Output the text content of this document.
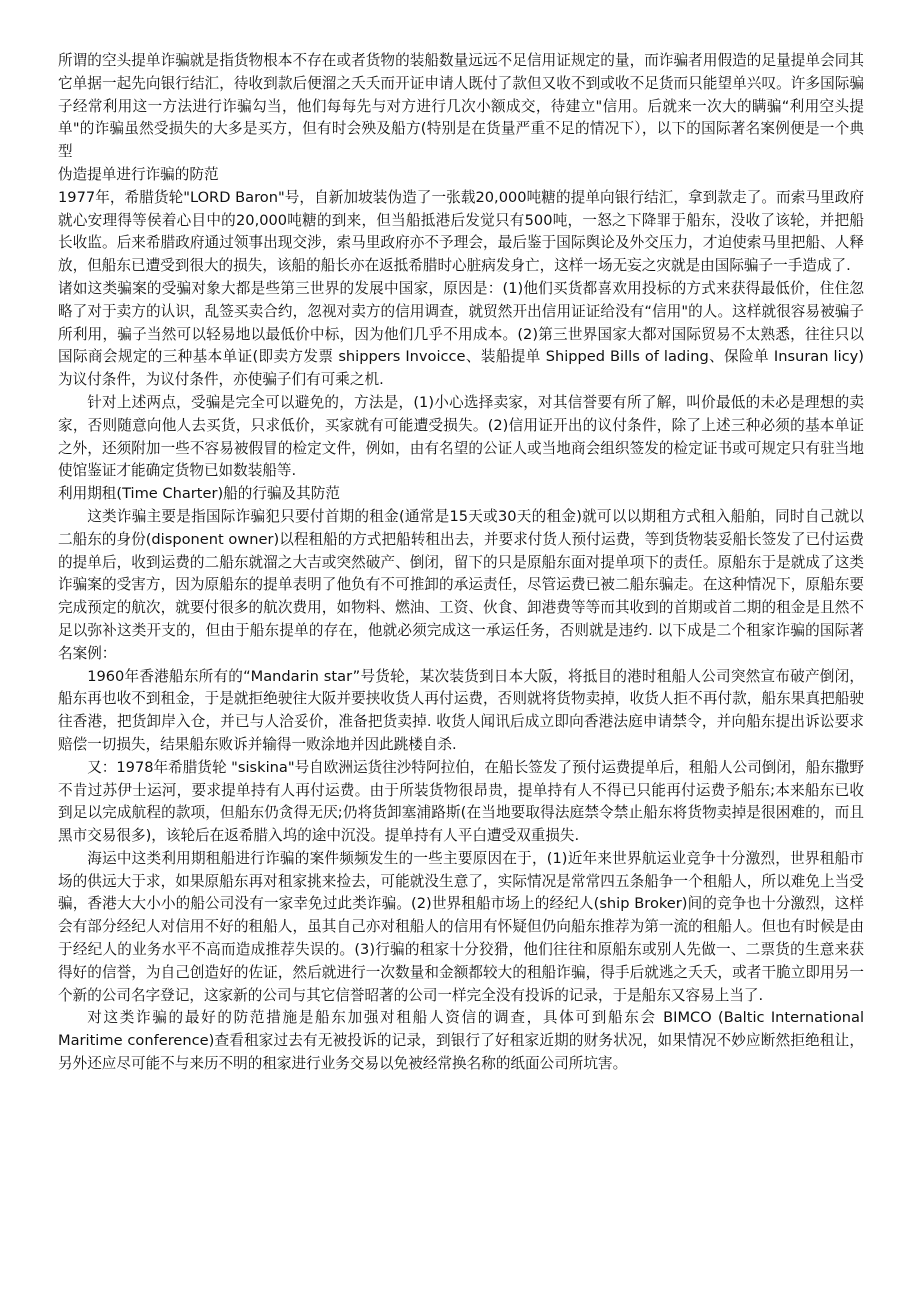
所谓的空头提单诈骗就是指货物根本不存在或者货物的装船数量远远不足信用证规定的量，而诈骗者用假造的足量提单会同其它单据一起先向银行结汇，待收到款后便溜之夭夭而开证申请人既付了款但又收不到或收不足货而只能望单兴叹。许多国际骗子经常利用这一方法进行诈骗勾当，他们每每先与对方进行几次小额成交，待建立"信用。后就来一次大的瞒骗“利用空头提单"的诈骗虽然受损失的大多是买方，但有时会殃及船方(特别是在货量严重不足的情况下），以下的国际著名案例便是一个典型

伪造提单进行诈骗的防范

1977年，希腊货轮"LORD Baron"号，自新加坡装伪造了一张载20,000吨糖的提单向银行结汇，拿到款走了。而索马里政府就心安理得等侯着心目中的20,000吨糖的到来，但当船抵港后发觉只有500吨，一怒之下降罪于船东，没收了该轮，并把船长收监。后来希腊政府通过领事出现交涉，索马里政府亦不予理会，最后鉴于国际舆论及外交压力，才迫使索马里把船、人释放，但船东已遭受到很大的损失，该船的船长亦在返抵希腊时心脏病发身亡，这样一场无妄之灾就是由国际骗子一手造成了.

诸如这类骗案的受骗对象大都是些第三世界的发展中国家，原因是：(1)他们买货都喜欢用投标的方式来获得最低价，住住忽略了对于卖方的认识，乱签买卖合约，忽视对卖方的信用调查，就贸然开出信用证证给没有“信用"的人。这样就很容易被骗子所利用，骗子当然可以轻易地以最低价中标，因为他们几乎不用成本。(2)第三世界国家大都对国际贸易不太熟悉，往往只以国际商会规定的三种基本单证(即卖方发票 shippers Invoicce、装船提单 Shipped Bills of lading、保险单 Insuran licy)为议付条件，为议付条件，亦使骗子们有可乘之机.

针对上述两点，受骗是完全可以避免的，方法是，(1)小心选择卖家，对其信誉要有所了解，叫价最低的未必是理想的卖家，否则随意向他人去买货，只求低价，买家就有可能遭受损失。(2)信用证开出的议付条件，除了上述三种必须的基本单证之外，还须附加一些不容易被假冒的检定文件，例如，由有名望的公证人或当地商会组织签发的检定证书或可规定只有驻当地使馆鉴证才能确定货物已如数装船等.

利用期租(Time Charter)船的行骗及其防范

这类诈骗主要是指国际诈骗犯只要付首期的租金(通常是15天或30天的租金)就可以以期租方式租入船舶，同时自己就以二船东的身份(disponent owner)以程租船的方式把船转租出去，并要求付货人预付运费，等到货物装妥船长签发了已付运费的提单后，收到运费的二船东就溜之大吉或突然破产、倒闭，留下的只是原船东面对提单项下的责任。原船东于是就成了这类诈骗案的受害方，因为原船东的提单表明了他负有不可推卸的承运责任，尽管运费已被二船东骗走。在这种情况下，原船东要完成预定的航次，就要付很多的航次费用，如物料、燃油、工资、伙食、卸港费等等而其收到的首期或首二期的租金是且然不足以弥补这类开支的，但由于船东提单的存在，他就必须完成这一承运任务，否则就是违约. 以下成是二个租家诈骗的国际著名案例：

1960年香港船东所有的“Mandarin star”号货轮，某次装货到日本大阪，将抵目的港时租船人公司突然宣布破产倒闭，船东再也收不到租金，于是就拒绝驶往大阪并要挟收货人再付运费，否则就将货物卖掉，收货人拒不再付款，船东果真把船驶往香港，把货卸岸入仓，并已与人洽妥价，准备把货卖掉. 收货人闻讯后成立即向香港法庭申请禁令，并向船东提出诉讼要求赔偿一切损失，结果船东败诉并输得一败涂地并因此跳楼自杀.

又：1978年希腊货轮 "siskina"号自欧洲运货往沙特阿拉伯，在船长签发了预付运费提单后，租船人公司倒闭，船东撒野不肯过苏伊士运河，要求提单持有人再付运费。由于所装货物很昂贵，提单持有人不得已只能再付运费予船东;本来船东已收到足以完成航程的款项，但船东仍贪得无厌;仍将货卸塞浦路斯(在当地要取得法庭禁令禁止船东将货物卖掉是很困难的，而且黑市交易很多)，该轮后在返希腊入坞的途中沉没。提单持有人平白遭受双重损失.

海运中这类利用期租船进行诈骗的案件频频发生的一些主要原因在于，(1)近年来世界航运业竞争十分激烈，世界租船市场的供远大于求，如果原船东再对租家挑来捡去，可能就没生意了，实际情况是常常四五条船争一个租船人，所以难免上当受骗，香港大大小小的船公司没有一家幸免过此类诈骗。(2)世界租船市场上的经纪人(ship Broker)间的竞争也十分激烈，这样会有部分经纪人对信用不好的租船人，虽其自己亦对租船人的信用有怀疑但仍向船东推荐为第一流的租船人。但也有时候是由于经纪人的业务水平不高而造成推荐失误的。(3)行骗的租家十分狡猾，他们往往和原船东或别人先做一、二票货的生意来获得好的信誉，为自己创造好的佐证，然后就进行一次数量和金额都较大的租船诈骗，得手后就逃之夭夭，或者干脆立即用另一个新的公司名字登记，这家新的公司与其它信誉昭著的公司一样完全没有投诉的记录，于是船东又容易上当了.

对这类诈骗的最好的防范措施是船东加强对租船人资信的调查，具体可到船东会 BIMCO (Baltic International Maritime conference)查看租家过去有无被投诉的记录，到银行了好租家近期的财务状况，如果情况不妙应断然拒绝租让，另外还应尽可能不与来历不明的租家进行业务交易以免被经常换名称的纸面公司所坑害。
